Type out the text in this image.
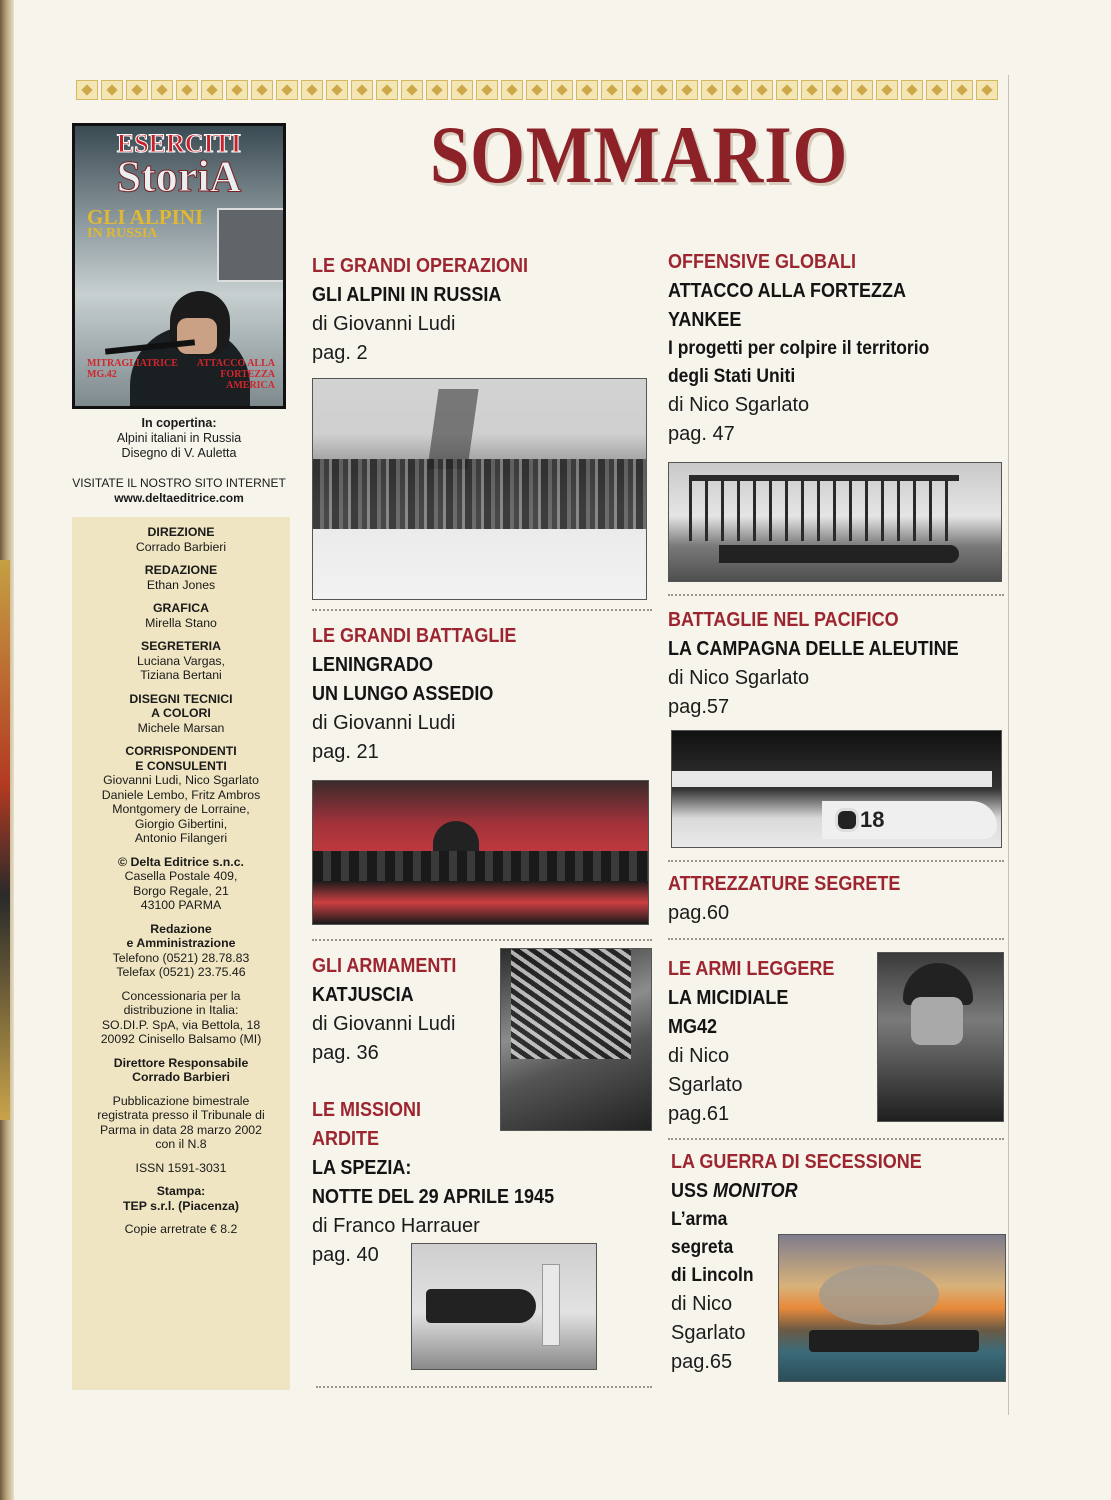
SOMMARIO
ESERCITI
StoriA
GLI ALPINI
IN RUSSIA
MITRAGLIATRICE MG.42
ATTACCO ALLA FORTEZZA AMERICA
In copertina:
Alpini italiani in Russia
Disegno di V. Auletta
VISITATE IL NOSTRO SITO INTERNET
www.deltaeditrice.com
DIREZIONE
Corrado Barbieri
REDAZIONE
Ethan Jones
GRAFICA
Mirella Stano
SEGRETERIA
Luciana Vargas,
Tiziana Bertani
DISEGNI TECNICI
A COLORI
Michele Marsan
CORRISPONDENTI
E CONSULENTI
Giovanni Ludi, Nico Sgarlato
Daniele Lembo, Fritz Ambros
Montgomery de Lorraine,
Giorgio Gibertini,
Antonio Filangeri
© Delta Editrice s.n.c.
Casella Postale 409,
Borgo Regale, 21
43100 PARMA
Redazione
e Amministrazione
Telefono (0521) 28.78.83
Telefax (0521) 23.75.46
Concessionaria per la
distribuzione in Italia:
SO.DI.P. SpA, via Bettola, 18
20092 Cinisello Balsamo (MI)
Direttore Responsabile
Corrado Barbieri
Pubblicazione bimestrale
registrata presso il Tribunale di
Parma in data 28 marzo 2002
con il N.8
ISSN 1591-3031
Stampa:
TEP s.r.l. (Piacenza)
Copie arretrate € 8.2
LE GRANDI OPERAZIONI
GLI ALPINI IN RUSSIA
di Giovanni Ludi
pag. 2
LE GRANDI BATTAGLIE
LENINGRADO
UN LUNGO ASSEDIO
di Giovanni Ludi
pag. 21
GLI ARMAMENTI
KATJUSCIA
di Giovanni Ludi
pag. 36
LE MISSIONI
ARDITE
LA SPEZIA:
NOTTE DEL 29 APRILE 1945
di Franco Harrauer
pag. 40
OFFENSIVE GLOBALI
ATTACCO ALLA FORTEZZA
YANKEE
I progetti per colpire il territorio
degli Stati Uniti
di Nico Sgarlato
pag. 47
BATTAGLIE NEL PACIFICO
LA CAMPAGNA DELLE ALEUTINE
di Nico Sgarlato
pag.57
18
ATTREZZATURE SEGRETE
pag.60
LE ARMI LEGGERE
LA MICIDIALE
MG42
di Nico
Sgarlato
pag.61
LA GUERRA DI SECESSIONE
USS MONITOR
L’arma
segreta
di Lincoln
di Nico
Sgarlato
pag.65
